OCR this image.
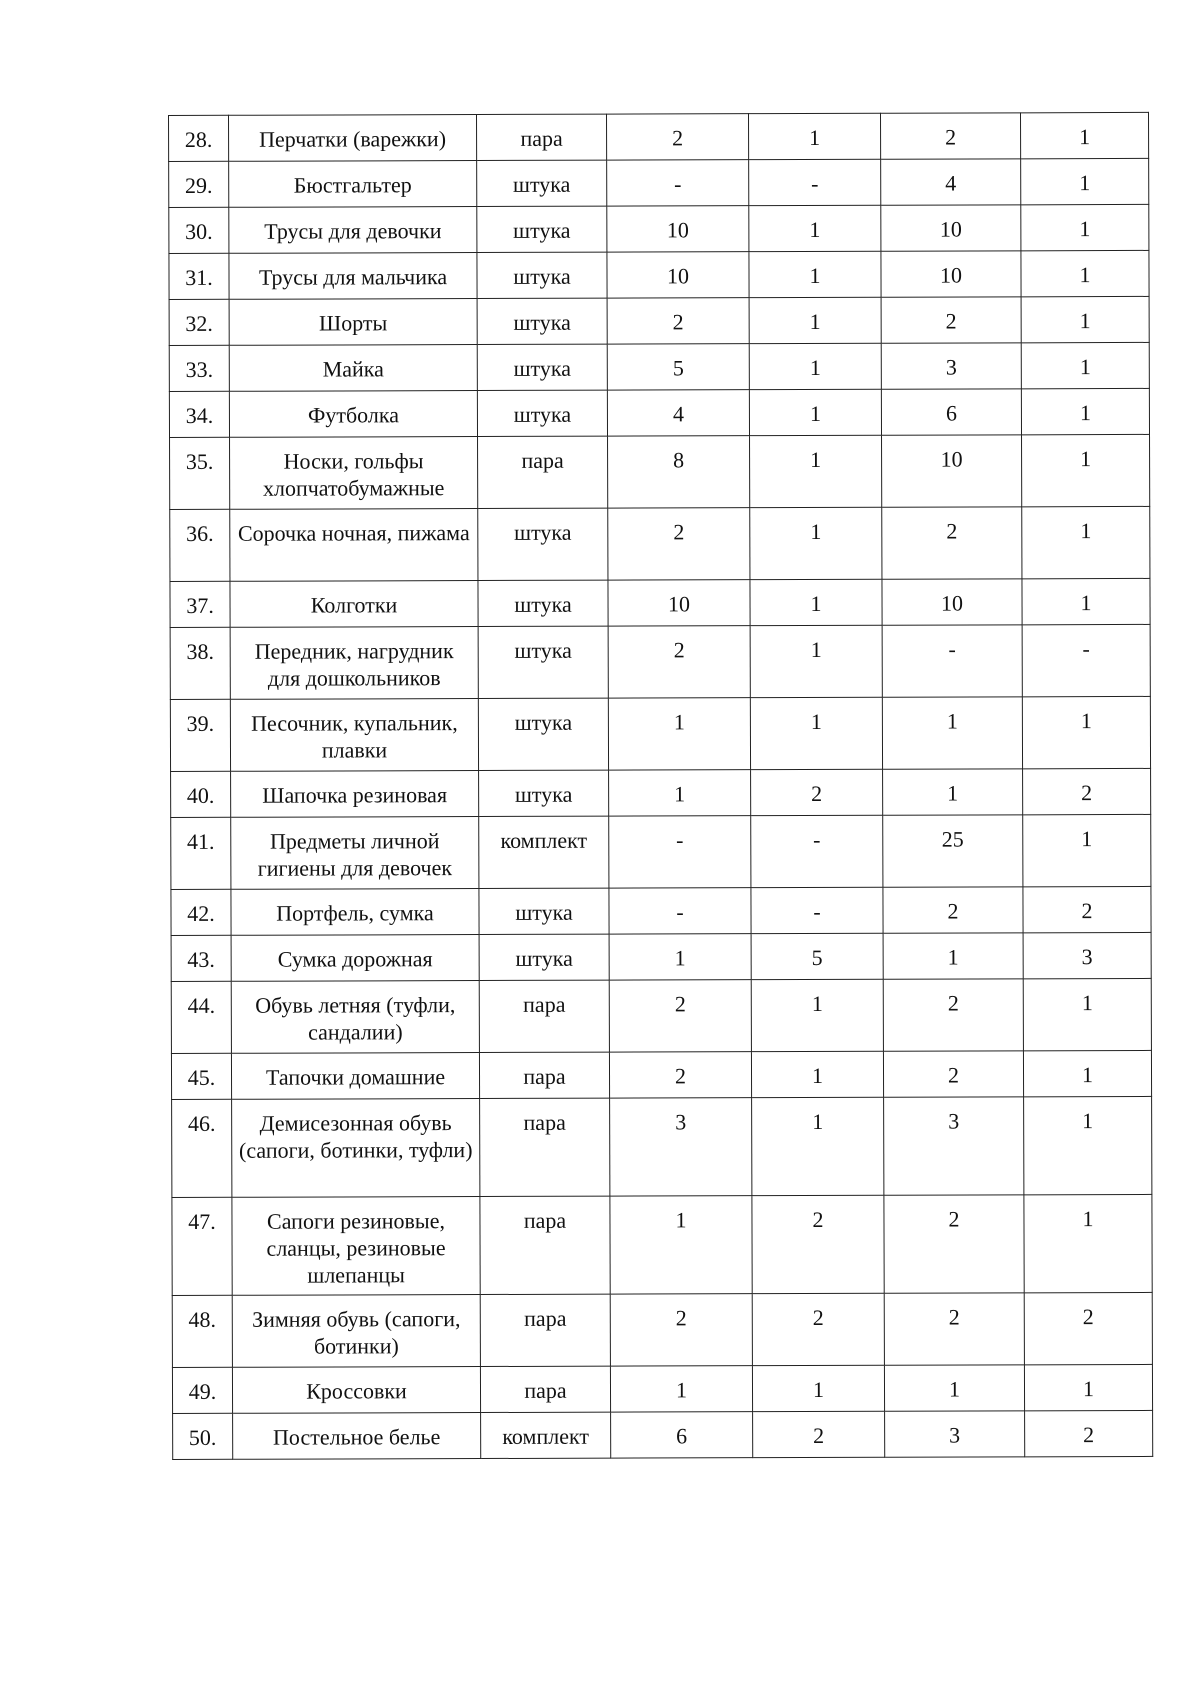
28.	Перчатки (варежки)	пара	2	1	2	1
29.	Бюстгальтер	штука	-	-	4	1
30.	Трусы для девочки	штука	10	1	10	1
31.	Трусы для мальчика	штука	10	1	10	1
32.	Шорты	штука	2	1	2	1
33.	Майка	штука	5	1	3	1
34.	Футболка	штука	4	1	6	1
35.	Носки, гольфы хлопчатобумажные	пара	8	1	10	1
36.	Сорочка ночная, пижама	штука	2	1	2	1
37.	Колготки	штука	10	1	10	1
38.	Передник, нагрудник для дошкольников	штука	2	1	-	-
39.	Песочник, купальник, плавки	штука	1	1	1	1
40.	Шапочка резиновая	штука	1	2	1	2
41.	Предметы личной гигиены для девочек	комплект	-	-	25	1
42.	Портфель, сумка	штука	-	-	2	2
43.	Сумка дорожная	штука	1	5	1	3
44.	Обувь летняя (туфли, сандалии)	пара	2	1	2	1
45.	Тапочки домашние	пара	2	1	2	1
46.	Демисезонная обувь (сапоги, ботинки, туфли)	пара	3	1	3	1
47.	Сапоги резиновые, сланцы, резиновые шлепанцы	пара	1	2	2	1
48.	Зимняя обувь (сапоги, ботинки)	пара	2	2	2	2
49.	Кроссовки	пара	1	1	1	1
50.	Постельное белье	комплект	6	2	3	2
